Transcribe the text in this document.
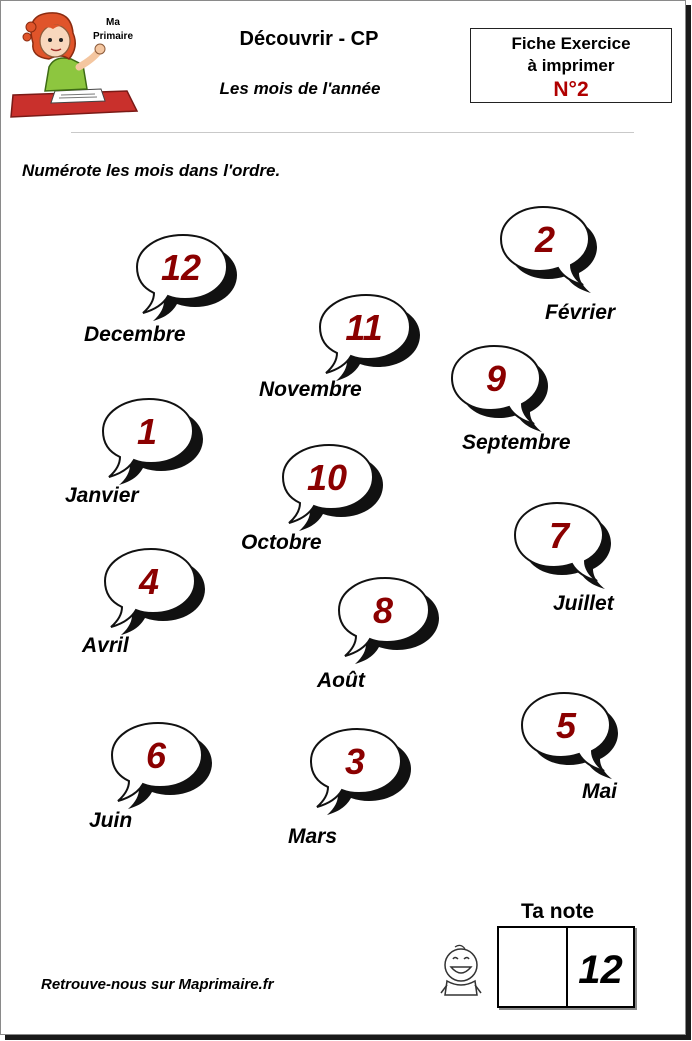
Ma
Primaire	Découvrir - CP
Les mois de l'année
Fiche Exercice
à imprimer
N°2
Numérote les mois dans l'ordre.
12
Decembre
2
Février
11
Novembre	9
Septembre
1
Janvier	10
Octobre	7
Juillet
4
Avril
8
Août
5
Mai
6
Juin
3
Mars
Retrouve-nous sur Maprimaire.fr
Ta note
12
